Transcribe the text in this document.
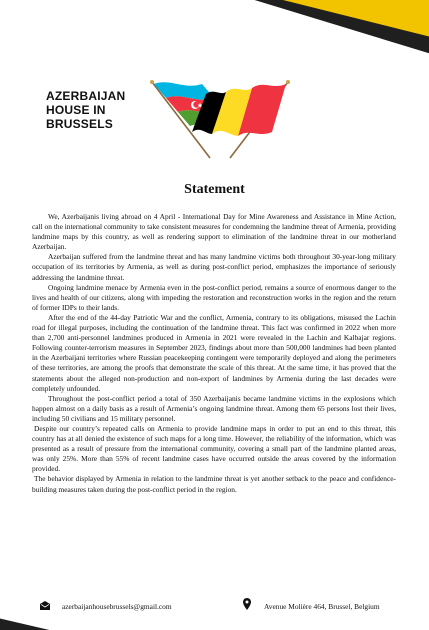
AZERBAIJAN
HOUSE IN
BRUSSELS
Statement

We, Azerbaijanis living abroad on 4 April - International Day for Mine Awareness and Assistance in Mine Action, call on the international community to take consistent measures for condemning the landmine threat of Armenia, providing landmine maps by this country, as well as rendering support to elimination of the landmine threat in our motherland Azerbaijan.

Azerbaijan suffered from the landmine threat and has many landmine victims both throughout 30-year-long military occupation of its territories by Armenia, as well as during post-conflict period, emphasizes the importance of seriously addressing the landmine threat.

Ongoing landmine menace by Armenia even in the post-conflict period, remains a source of enormous danger to the lives and health of our citizens, along with impeding the restoration and reconstruction works in the region and the return of former IDPs to their lands.

After the end of the 44-day Patriotic War and the conflict, Armenia, contrary to its obligations, misused the Lachin road for illegal purposes, including the continuation of the landmine threat. This fact was confirmed in 2022 when more than 2,700 anti-personnel landmines produced in Armenia in 2021 were revealed in the Lachin and Kalbajar regions. Following counter-terrorism measures in September 2023, findings about more than 500,000 landmines had been planted in the Azerbaijani territories where Russian peacekeeping contingent were temporarily deployed and along the perimeters of these territories, are among the proofs that demonstrate the scale of this threat. At the same time, it has proved that the statements about the alleged non-production and non-export of landmines by Armenia during the last decades were completely unfounded.

Throughout the post-conflict period a total of 350 Azerbaijanis became landmine victims in the explosions which happen almost on a daily basis as a result of Armenia’s ongoing landmine threat. Among them 65 persons lost their lives, including 50 civilians and 15 military personnel.

Despite our country’s repeated calls on Armenia to provide landmine maps in order to put an end to this threat, this country has at all denied the existence of such maps for a long time. However, the reliability of the information, which was presented as a result of pressure from the international community, covering a small part of the landmine planted areas, was only 25%. More than 55% of recent landmine cases have occurred outside the areas covered by the information provided.

The behavior displayed by Armenia in relation to the landmine threat is yet another setback to the peace and confidence-building measures taken during the post-conflict period in the region.

azerbaijanhousebrussels@gmail.com	Avenue Molière 464, Brussel, Belgium
